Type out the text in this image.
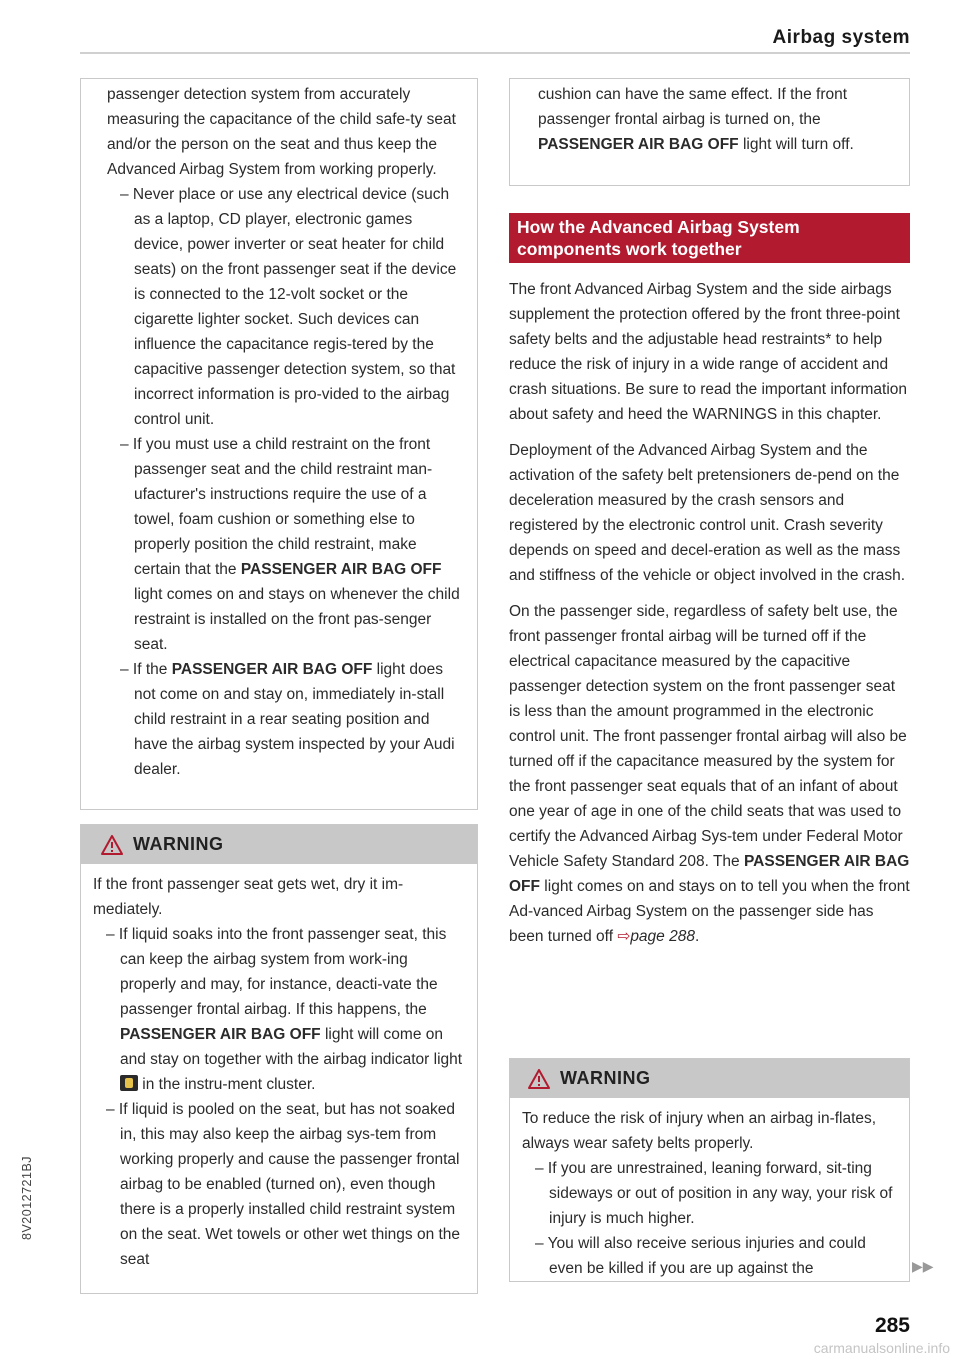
Airbag system

passenger detection system from accurately measuring the capacitance of the child safe-ty seat and/or the person on the seat and thus keep the Advanced Airbag System from working properly.

– Never place or use any electrical device (such as a laptop, CD player, electronic games device, power inverter or seat heater for child seats) on the front passenger seat if the device is connected to the 12-volt socket or the cigarette lighter socket. Such devices can influence the capacitance regis-tered by the capacitive passenger detection system, so that incorrect information is pro-vided to the airbag control unit.

– If you must use a child restraint on the front passenger seat and the child restraint man-ufacturer's instructions require the use of a towel, foam cushion or something else to properly position the child restraint, make certain that the PASSENGER AIR BAG OFF light comes on and stays on whenever the child restraint is installed on the front pas-senger seat.

– If the PASSENGER AIR BAG OFF light does not come on and stay on, immediately in-stall child restraint in a rear seating position and have the airbag system inspected by your Audi dealer.

WARNING

If the front passenger seat gets wet, dry it im-mediately.

– If liquid soaks into the front passenger seat, this can keep the airbag system from work-ing properly and may, for instance, deacti-vate the passenger frontal airbag. If this happens, the PASSENGER AIR BAG OFF light will come on and stay on together with the airbag indicator light  in the instru-ment cluster.

– If liquid is pooled on the seat, but has not soaked in, this may also keep the airbag sys-tem from working properly and cause the passenger frontal airbag to be enabled (turned on), even though there is a properly installed child restraint system on the seat. Wet towels or other wet things on the seat

cushion can have the same effect. If the front passenger frontal airbag is turned on, the PASSENGER AIR BAG OFF light will turn off.

How the Advanced Airbag System components work together

The front Advanced Airbag System and the side airbags supplement the protection offered by the front three-point safety belts and the adjustable head restraints* to help reduce the risk of injury in a wide range of accident and crash situations. Be sure to read the important information about safety and heed the WARNINGS in this chapter.

Deployment of the Advanced Airbag System and the activation of the safety belt pretensioners de-pend on the deceleration measured by the crash sensors and registered by the electronic control unit. Crash severity depends on speed and decel-eration as well as the mass and stiffness of the vehicle or object involved in the crash.

On the passenger side, regardless of safety belt use, the front passenger frontal airbag will be turned off if the electrical capacitance measured by the capacitive passenger detection system on the front passenger seat is less than the amount programmed in the electronic control unit. The front passenger frontal airbag will also be turned off if the capacitance measured by the system for the front passenger seat equals that of an infant of about one year of age in one of the child seats that was used to certify the Advanced Airbag Sys-tem under Federal Motor Vehicle Safety Standard 208. The PASSENGER AIR BAG OFF light comes on and stays on to tell you when the front Ad-vanced Airbag System on the passenger side has been turned off ⇨page 288.

WARNING

To reduce the risk of injury when an airbag in-flates, always wear safety belts properly.

– If you are unrestrained, leaning forward, sit-ting sideways or out of position in any way, your risk of injury is much higher.

– You will also receive serious injuries and could even be killed if you are up against the	▶▶
285
8V2012721BJ
carmanualsonline.info
